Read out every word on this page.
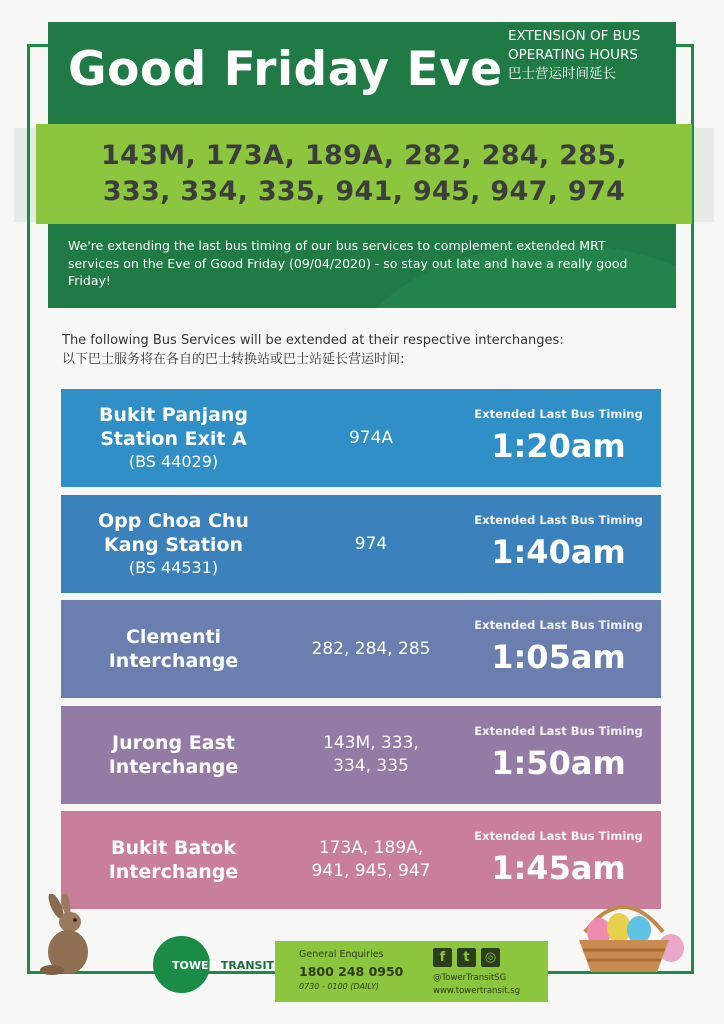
Good Friday Eve
EXTENSION OF BUS
OPERATING HOURS
巴士营运时间延长
143M, 173A, 189A, 282, 284, 285,
333, 334, 335, 941, 945, 947, 974

We're extending the last bus timing of our bus services to complement extended MRT services on the Eve of Good Friday (09/04/2020) - so stay out late and have a really good Friday!

The following Bus Services will be extended at their respective interchanges:
以下巴士服务将在各自的巴士转换站或巴士站延长营运时间:
Bukit Panjang
Station Exit A
(BS 44029)
974A
Extended Last Bus Timing
1:20am
Opp Choa Chu
Kang Station
(BS 44531)
974
Extended Last Bus Timing
1:40am
Clementi
Interchange
282, 284, 285
Extended Last Bus Timing
1:05am
Jurong East
Interchange
143M, 333,
334, 335
Extended Last Bus Timing
1:50am
Bukit Batok
Interchange
173A, 189A,
941, 945, 947
Extended Last Bus Timing
1:45am
TOWER TRANSIT
General Enquiries
1800 248 0950
0730 - 0100 (DAILY)
f	t	◎
@TowerTransitSG
www.towertransit.sg
